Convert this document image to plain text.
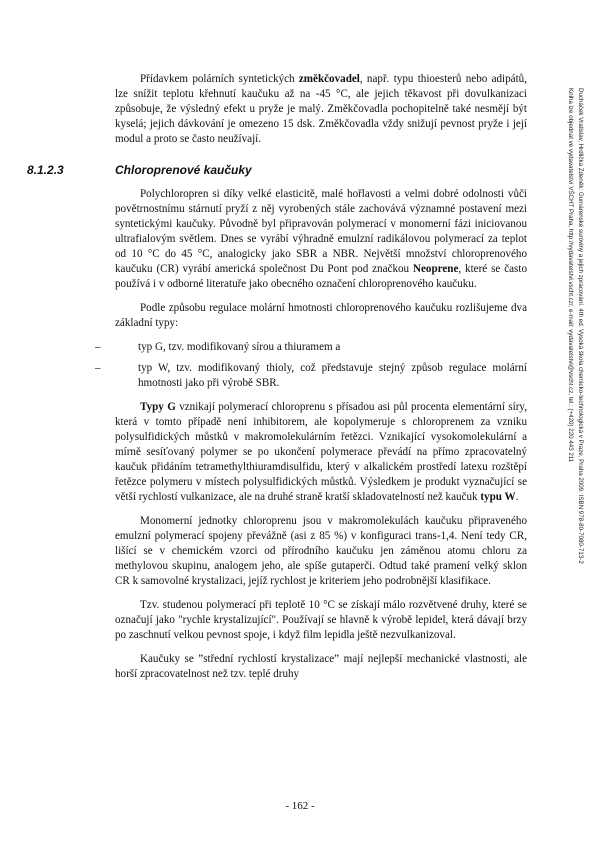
Přídavkem polárních syntetických změkčovadel, např. typu thioesterů nebo adipátů, lze snížit teplotu křehnutí kaučuku až na -45 °C, ale jejich těkavost při dovulkanizaci způsobuje, že výsledný efekt u pryže je malý. Změkčovadla pochopitelně také nesmějí být kyselá; jejich dávkování je omezeno 15 dsk. Změkčovadla vždy snižují pevnost pryže i její modul a proto se často neužívají.

8.1.2.3	Chloroprenové kaučuky

Polychloropren si díky velké elasticitě, malé hořlavosti a velmi dobré odolnosti vůči povětrnostnímu stárnutí pryží z něj vyrobených stále zachovává významné postavení mezi syntetickými kaučuky. Původně byl připravován polymerací v monomerní fázi iniciovanou ultrafialovým světlem. Dnes se vyrábí výhradně emulzní radikálovou polymerací za teplot od 10 °C do 45 °C, analogicky jako SBR a NBR. Největší množství chloroprenového kaučuku (CR) vyrábí americká společnost Du Pont pod značkou Neoprene, které se často používá i v odborné literatuře jako obecného označení chloroprenového kaučuku.

Podle způsobu regulace molární hmotnosti chloroprenového kaučuku rozlišujeme dva základní typy:

–	typ G, tzv. modifikovaný sírou a thiuramem a
–	typ W, tzv. modifikovaný thioly, což představuje stejný způsob regulace molární hmotnosti jako při výrobě SBR.

Typy G vznikají polymerací chloroprenu s přísadou asi půl procenta elementární síry, která v tomto případě není inhibitorem, ale kopolymeruje s chloroprenem za vzniku polysulfidických můstků v makromolekulárním řetězci. Vznikající vysokomolekulární a mírně sesíťovaný polymer se po ukončení polymerace převádí na přímo zpracovatelný kaučuk přidáním tetramethylthiuramdisulfidu, který v alkalickém prostředí latexu rozštěpí řetězce polymeru v místech polysulfidických můstků. Výsledkem je produkt vyznačující se větší rychlostí vulkanizace, ale na druhé straně kratší skladovatelností než kaučuk typu W.

Monomerní jednotky chloroprenu jsou v makromolekulách kaučuku připraveného emulzní polymerací spojeny převážně (asi z 85 %) v konfiguraci trans-1,4. Není tedy CR, lišící se v chemickém vzorci od přírodního kaučuku jen záměnou atomu chloru za methylovou skupinu, analogem jeho, ale spíše gutaperči. Odtud také pramení velký sklon CR k samovolné krystalizaci, jejíž rychlost je kriteriem jeho podrobnější klasifikace.

Tzv. studenou polymerací při teplotě 10 °C se získají málo rozvětvené druhy, které se označují jako "rychle krystalizující". Používají se hlavně k výrobě lepidel, která dávají brzy po zaschnutí velkou pevnost spoje, i když film lepidla ještě nezvulkanizoval.

Kaučuky se ”střední rychlostí krystalizace” mají nejlepší mechanické vlastnosti, ale horší zpracovatelnost než tzv. teplé druhy

- 162 -
Ducháček Vratislav, Hrdlička Zdeněk: Gumárenské suroviny a jejich zpracování. 4th ed. Vysoká škola chemicko-technologická v Praze, Praha 2009. ISBN 978-80-7080-713-2
Kniha lze objednat ve vydavatelství VŠCHT Praha, http://vydavatelstvi.vscht.cz/, e-mail: vydavatelstvi@vscht.cz, tel.: (+420) 220 443 211
